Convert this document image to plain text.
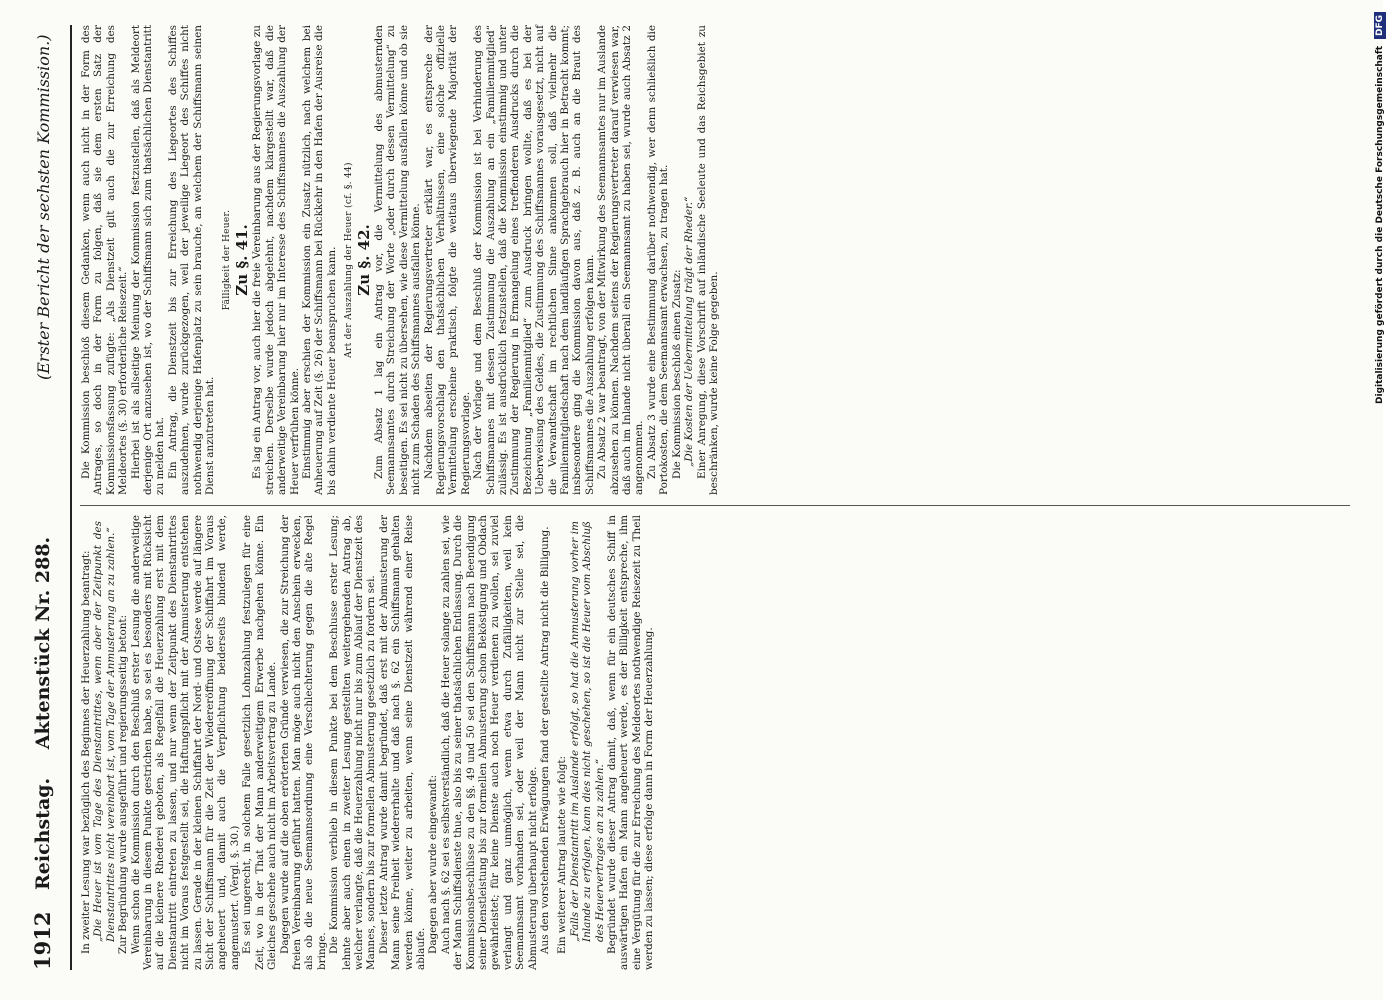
1912
Reichstag. Aktenstück Nr. 288.
(Erster Bericht der sechsten Kommission.)

In zweiter Lesung war bezüglich des Beginnes der Heuerzahlung beantragt: „Die Heuer ist vom Tage des Dienstantrittes, wenn aber der Zeitpunkt des Dienstantrittes nicht vereinbart ist, vom Tage der Anmusterung an zu zahlen.“ Zur Begründung wurde ausgeführt und regierungsseitig betont: Wenn schon die Kommission durch den Beschluß erster Lesung die anderweitige Vereinbarung in diesem Punkte gestrichen habe, so sei es besonders mit Rücksicht auf die kleinere Rhederei geboten, als Regelfall die Heuerzahlung erst mit dem Dienstantritt eintreten zu lassen, und nur wenn der Zeitpunkt des Dienstantrittes nicht im Voraus festgestellt sei, die Haftungspflicht mit der Anmusterung entstehen zu lassen. Gerade in der kleinen Schiffahrt der Nord- und Ostsee werde auf längere Sicht der Schiffsmann für die Zeit der Wiedereröffnung der Schiffahrt im Voraus angeheuert und, damit auch die Verpflichtung beiderseits bindend werde, angemustert. (Vergl. §. 30.) Es sei ungerecht, in solchem Falle gesetzlich Lohnzahlung festzulegen für eine Zeit, wo in der That der Mann anderweitigem Erwerbe nachgehen könne. Ein Gleiches geschehe auch nicht im Arbeitsvertrag zu Lande. Dagegen wurde auf die oben erörterten Gründe verwiesen, die zur Streichung der freien Vereinbarung geführt hatten. Man möge auch nicht den Anschein erwecken, als ob die neue Seemannsordnung eine Verschlechterung gegen die alte Regel bringe. Die Kommission verblieb in diesem Punkte bei dem Beschlusse erster Lesung; lehnte aber auch einen in zweiter Lesung gestellten weitergehenden Antrag ab, welcher verlangte, daß die Heuerzahlung nicht nur bis zum Ablauf der Dienstzeit des Mannes, sondern bis zur formellen Abmusterung gesetzlich zu fordern sei. Dieser letzte Antrag wurde damit begründet, daß erst mit der Abmusterung der Mann seine Freiheit wiedererhalte und daß nach §. 62 ein Schiffsmann gehalten werden könne, weiter zu arbeiten, wenn seine Dienstzeit während einer Reise ablaufe. Dagegen aber wurde eingewandt: Auch nach §. 62 sei es selbstverständlich, daß die Heuer solange zu zahlen sei, wie der Mann Schiffsdienste thue, also bis zu seiner thatsächlichen Entlassung. Durch die Kommissionsbeschlüsse zu den §§. 49 und 50 sei den Schiffsmann nach Beendigung seiner Dienstleistung bis zur formellen Abmusterung schon Beköstigung und Obdach gewährleistet; für keine Dienste auch noch Heuer verdienen zu wollen, sei zuviel verlangt und ganz unmöglich, wenn etwa durch Zufälligkeiten, weil kein Seemannsamt vorhanden sei, oder weil der Mann nicht zur Stelle sei, die Abmusterung überhaupt nicht erfolge. Aus den vorstehenden Erwägungen fand der gestellte Antrag nicht die Billigung. Ein weiterer Antrag lautete wie folgt: „Falls der Dienstantritt im Auslande erfolgt, so hat die Anmusterung vorher im Inlande zu erfolgen, kann dies nicht geschehen, so ist die Heuer vom Abschluß des Heuervertrages an zu zahlen.“ Begründet wurde dieser Antrag damit, daß, wenn für ein deutsches Schiff in auswärtigen Hafen ein Mann angeheuert werde, es der Billigkeit entspreche, ihm eine Vergütung für die zur Erreichung des Meldeortes nothwendige Reisezeit zu Theil werden zu lassen; diese erfolge dann in Form der Heuerzahlung.

Die Kommission beschloß diesem Gedanken, wenn auch nicht in der Form des Antrages, so doch in der Form zu folgen, daß sie dem ersten Satz der Kommissionsfassung zufügte: „Als Dienstzeit gilt auch die zur Erreichung des Meldeortes (§. 30) erforderliche Reisezeit.“ Hierbei ist als allseitige Meinung der Kommission festzustellen, daß als Meldeort derjenige Ort anzusehen ist, wo der Schiffsmann sich zum thatsächlichen Dienstantritt zu melden hat. Ein Antrag, die Dienstzeit bis zur Erreichung des Liegeortes des Schiffes auszudehnen, wurde zurückgezogen, weil der jeweilige Liegeort des Schiffes nicht nothwendig derjenige Hafenplatz zu sein brauche, an welchem der Schiffsmann seinen Dienst anzutreten hat.

Fälligkeit der Heuer. Zu §. 41. Es lag ein Antrag vor, auch hier die freie Vereinbarung aus der Regierungsvorlage zu streichen. Derselbe wurde jedoch abgelehnt, nachdem klargestellt war, daß die anderweitige Vereinbarung hier nur im Interesse des Schiffsmannes die Auszahlung der Heuer verfrühen könne. Einstimmig aber erschien der Kommission ein Zusatz nützlich, nach welchem bei Anheuerung auf Zeit (§. 26) der Schiffsmann bei Rückkehr in den Hafen der Ausreise die bis dahin verdiente Heuer beanspruchen kann. Art der Auszahlung der Heuer (cf. §. 44) Zu §. 42. Zum Absatz 1 lag ein Antrag vor, die Vermittelung des abmusternden Seemannsamtes durch Streichung der Worte „oder durch dessen Vermittelung“ zu beseitigen. Es sei nicht zu übersehen, wie diese Vermittelung ausfallen könne und ob sie nicht zum Schaden des Schiffsmannes ausfallen könne. Nachdem abseiten der Regierungsvertreter erklärt war, es entspreche der Regierungsvorschlag den thatsächlichen Verhältnissen, eine solche offizielle Vermittelung erscheine praktisch, folgte die weitaus überwiegende Majorität der Regierungsvorlage. Nach der Vorlage und dem Beschluß der Kommission ist bei Verhinderung des Schiffsmannes mit dessen Zustimmung die Auszahlung an ein „Familienmitglied“ zulässig. Es ist ausdrücklich festzustellen, daß die Kommission einstimmig und unter Zustimmung der Regierung in Ermangelung eines treffenderen Ausdrucks durch die Bezeichnung „Familienmitglied“ zum Ausdruck bringen wollte, daß es bei der Ueberweisung des Geldes, die Zustimmung des Schiffsmannes vorausgesetzt, nicht auf die Verwandtschaft im rechtlichen Sinne ankommen soll, daß vielmehr die Familienmitgliedschaft nach dem landläufigen Sprachgebrauch hier in Betracht kommt; insbesondere ging die Kommission davon aus, daß z. B. auch an die Braut des Schiffsmannes die Auszahlung erfolgen kann. Zu Absatz 2 war beantragt, von der Mitwirkung des Seemannsamtes nur im Auslande abzusehen zu können. Nachdem seitens der Regierungsvertreter darauf verwiesen war, daß auch im Inlande nicht überall ein Seemannsamt zu haben sei, wurde auch Absatz 2 angenommen. Zu Absatz 3 wurde eine Bestimmung darüber nothwendig, wer denn schließlich die Portokosten, die dem Seemannsamt erwachsen, zu tragen hat. Die Kommission beschloß einen Zusatz: „Die Kosten der Uebermittelung trägt der Rheder.“ Einer Anregung, diese Vorschrift auf inländische Seeleute und das Reichsgebiet zu beschränken, wurde keine Folge gegeben.	Digitalisierung gefördert durch die Deutsche Forschungsgemeinschaft DFG
